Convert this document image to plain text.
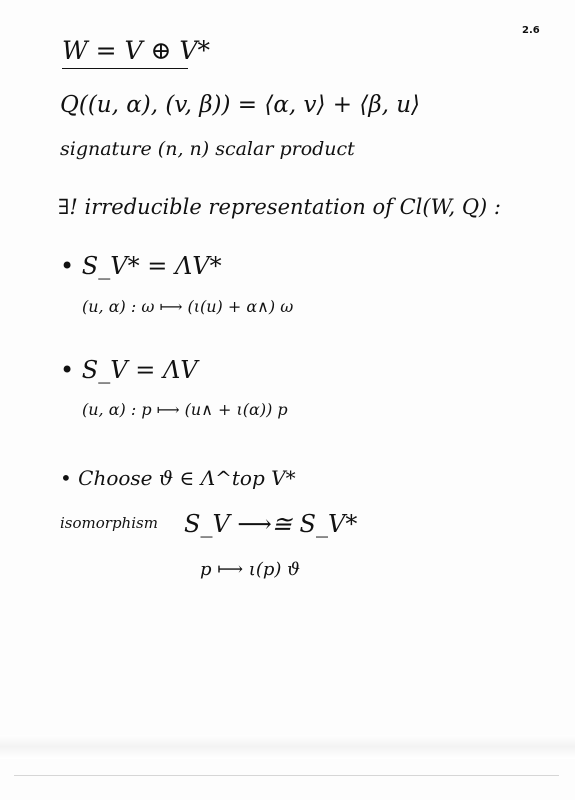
2.6
W = V ⊕ V*
Q((u, α), (v, β)) = ⟨α, v⟩ + ⟨β, u⟩
signature (n, n) scalar product
∃! irreducible representation of Cl(W, Q) :
• S_V* = ΛV*
(u, α) : ω ⟼ (ι(u) + α∧) ω
• S_V = ΛV
(u, α) : p ⟼ (u∧ + ι(α)) p
• Choose ϑ ∈ Λ^top V*
isomorphism S_V ⟶≅ S_V*
p ⟼ ι(p) ϑ
